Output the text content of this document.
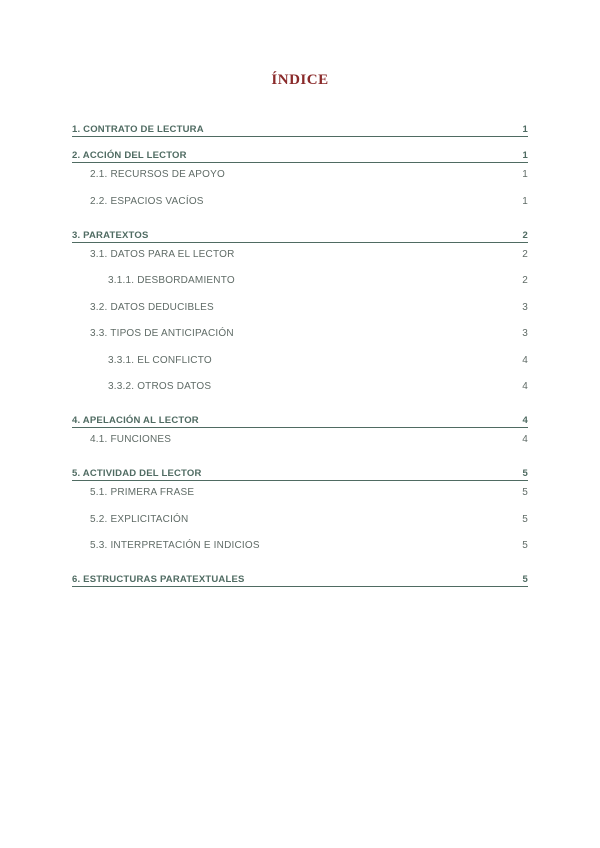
ÍNDICE
1. CONTRATO DE LECTURA	1
2. ACCIÓN DEL LECTOR	1
2.1. RECURSOS DE APOYO	1
2.2. ESPACIOS VACÍOS	1
3. PARATEXTOS	2
3.1. DATOS PARA EL LECTOR	2
3.1.1. DESBORDAMIENTO	2
3.2. DATOS DEDUCIBLES	3
3.3. TIPOS DE ANTICIPACIÓN	3
3.3.1. EL CONFLICTO	4
3.3.2. OTROS DATOS	4
4. APELACIÓN AL LECTOR	4
4.1. FUNCIONES	4
5. ACTIVIDAD DEL LECTOR	5
5.1. PRIMERA FRASE	5
5.2. EXPLICITACIÓN	5
5.3. INTERPRETACIÓN E INDICIOS	5
6. ESTRUCTURAS PARATEXTUALES	5
